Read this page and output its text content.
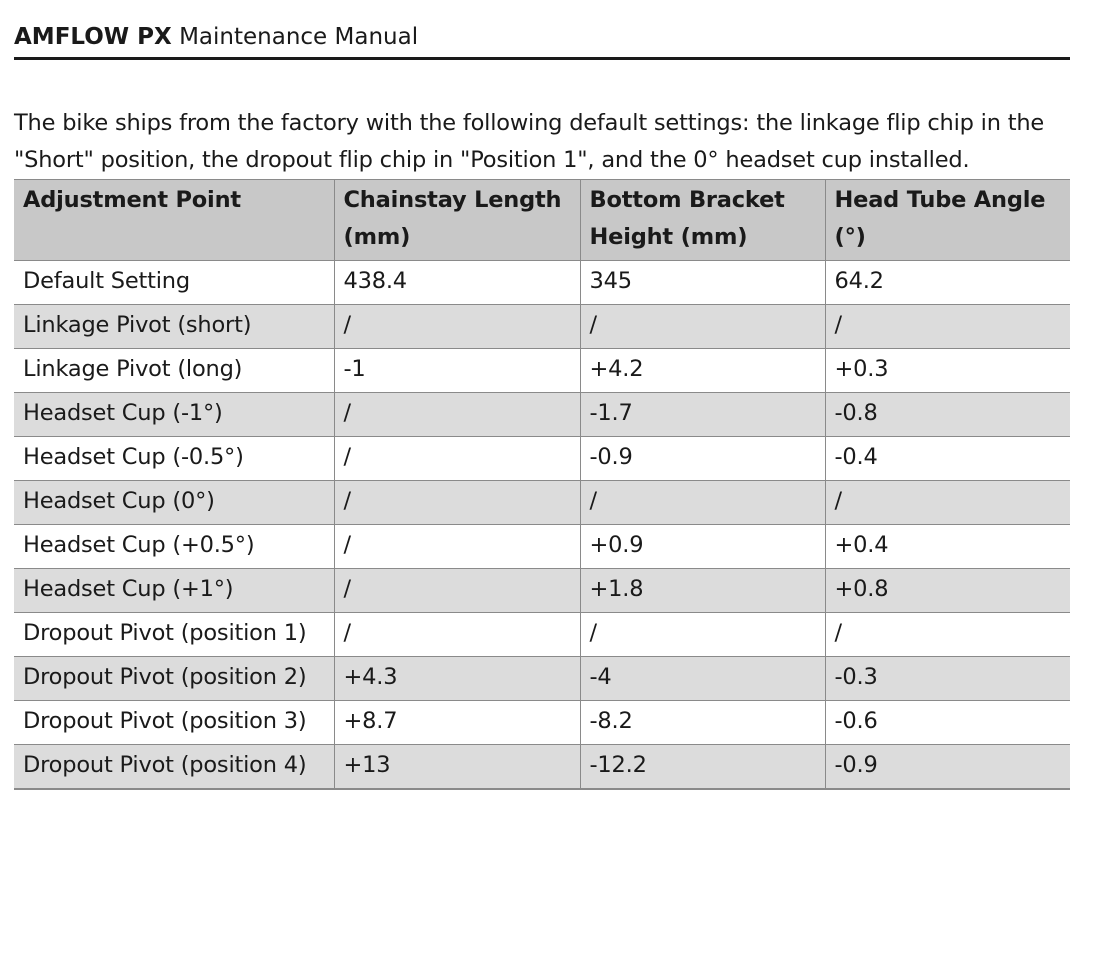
AMFLOW PX Maintenance Manual

The bike ships from the factory with the following default settings: the linkage flip chip in the "Short" position, the dropout flip chip in "Position 1", and the 0° headset cup installed.

Adjustment Point	Chainstay Length (mm)	Bottom Bracket Height (mm)	Head Tube Angle (°)
Default Setting	438.4	345	64.2
Linkage Pivot (short)	/	/	/
Linkage Pivot (long)	-1	+4.2	+0.3
Headset Cup (-1°)	/	-1.7	-0.8
Headset Cup (-0.5°)	/	-0.9	-0.4
Headset Cup (0°)	/	/	/
Headset Cup (+0.5°)	/	+0.9	+0.4
Headset Cup (+1°)	/	+1.8	+0.8
Dropout Pivot (position 1)	/	/	/
Dropout Pivot (position 2)	+4.3	-4	-0.3
Dropout Pivot (position 3)	+8.7	-8.2	-0.6
Dropout Pivot (position 4)	+13	-12.2	-0.9
